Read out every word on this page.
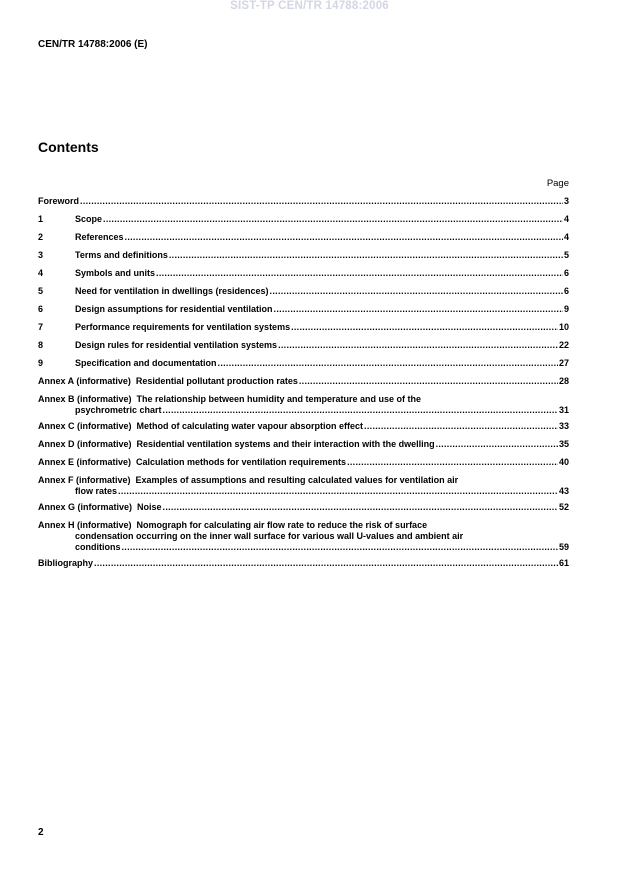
SIST-TP CEN/TR 14788:2006
CEN/TR 14788:2006 (E)
Contents
Page
Foreword .....	3
1	Scope .....	4
2	References .....	4
3	Terms and definitions .....	5
4	Symbols and units .....	6
5	Need for ventilation in dwellings (residences) .....	6
6	Design assumptions for residential ventilation .....	9
7	Performance requirements for ventilation systems .....	10
8	Design rules for residential ventilation systems .....	22
9	Specification and documentation .....	27
Annex A (informative) Residential pollutant production rates .....	28
Annex B (informative) The relationship between humidity and temperature and use of the
psychrometric chart .....	31
Annex C (informative) Method of calculating water vapour absorption effect .....	33
Annex D (informative) Residential ventilation systems and their interaction with the dwelling .....	35
Annex E (informative) Calculation methods for ventilation requirements .....	40
Annex F (informative) Examples of assumptions and resulting calculated values for ventilation air
flow rates .....	43
Annex G (informative) Noise .....	52
Annex H (informative) Nomograph for calculating air flow rate to reduce the risk of surface
condensation occurring on the inner wall surface for various wall U-values and ambient air
conditions .....	59
Bibliography .....	61
2
